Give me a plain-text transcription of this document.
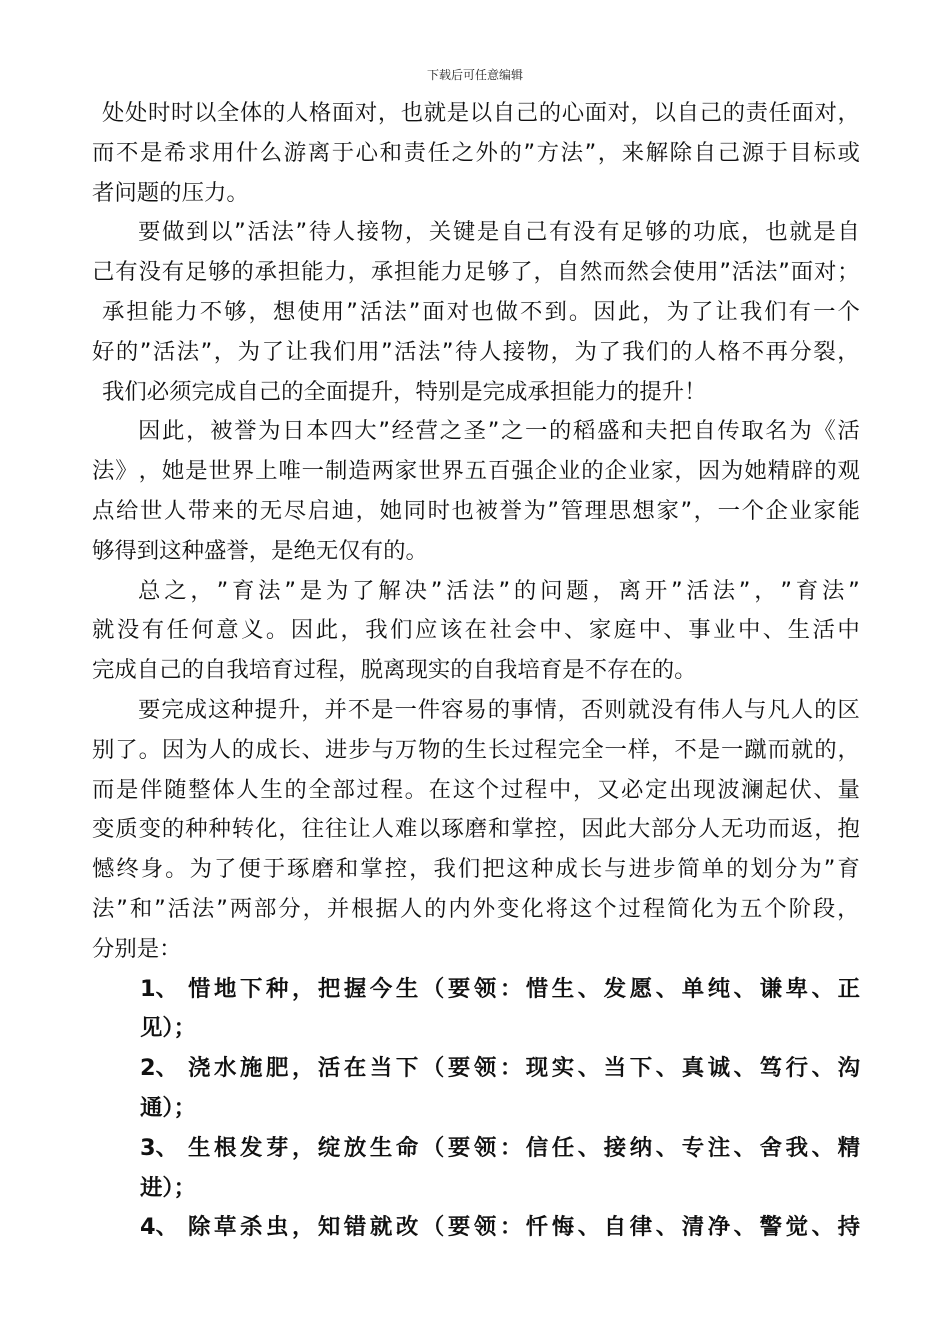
下载后可任意编辑
处 处 时 时 以 全 体 的 人 格 面 对 ， 也 就 是 以 自 己 的 心 面 对 ， 以 自 己 的 责 任 面 对 ，
而 不 是 希 求 用 什 么 游 离 于 心 和 责 任 之 外 的 ” 方 法 ” ， 来 解 除 自 己 源 于 目 标 或
者 问 题 的 压 力 。
要 做 到 以 ” 活 法 ” 待 人 接 物 ， 关 键 是 自 己 有 没 有 足 够 的 功 底 ， 也 就 是 自
己 有 没 有 足 够 的 承 担 能 力 ， 承 担 能 力 足 够 了 ， 自 然 而 然 会 使 用 ” 活 法 ” 面 对 ；
承 担 能 力 不 够 ， 想 使 用 ” 活 法 ” 面 对 也 做 不 到 。 因 此 ， 为 了 让 我 们 有 一 个
好 的 ” 活 法 ” ， 为 了 让 我 们 用 ” 活 法 ” 待 人 接 物 ， 为 了 我 们 的 人 格 不 再 分 裂 ，
我 们 必 须 完 成 自 己 的 全 面 提 升 ， 特 别 是 完 成 承 担 能 力 的 提 升 ！
因 此 ， 被 誉 为 日 本 四 大 ” 经 营 之 圣 ” 之 一 的 稻 盛 和 夫 把 自 传 取 名 为 《 活
法 》 ， 她 是 世 界 上 唯 一 制 造 两 家 世 界 五 百 强 企 业 的 企 业 家 ， 因 为 她 精 辟 的 观
点 给 世 人 带 来 的 无 尽 启 迪 ， 她 同 时 也 被 誉 为 ” 管 理 思 想 家 ” ， 一 个 企 业 家 能
够 得 到 这 种 盛 誉 ， 是 绝 无 仅 有 的 。
总 之 ， ” 育 法 ” 是 为 了 解 决 ” 活 法 ” 的 问 题 ， 离 开 ” 活 法 ” ， ” 育 法 ”
就 没 有 任 何 意 义 。 因 此 ， 我 们 应 该 在 社 会 中 、 家 庭 中 、 事 业 中 、 生 活 中
完 成 自 己 的 自 我 培 育 过 程 ， 脱 离 现 实 的 自 我 培 育 是 不 存 在 的 。
要 完 成 这 种 提 升 ， 并 不 是 一 件 容 易 的 事 情 ， 否 则 就 没 有 伟 人 与 凡 人 的 区
别 了 。 因 为 人 的 成 长 、 进 步 与 万 物 的 生 长 过 程 完 全 一 样 ， 不 是 一 蹴 而 就 的 ，
而 是 伴 随 整 体 人 生 的 全 部 过 程 。 在 这 个 过 程 中 ， 又 必 定 出 现 波 澜 起 伏 、 量
变 质 变 的 种 种 转 化 ， 往 往 让 人 难 以 琢 磨 和 掌 控 ， 因 此 大 部 分 人 无 功 而 返 ， 抱
憾 终 身 。 为 了 便 于 琢 磨 和 掌 控 ， 我 们 把 这 种 成 长 与 进 步 简 单 的 划 分 为 ” 育
法 ” 和 ” 活 法 ” 两 部 分 ， 并 根 据 人 的 内 外 变 化 将 这 个 过 程 简 化 为 五 个 阶 段 ，
分 别 是 ：
1、 惜 地 下 种 ， 把 握 今 生 （ 要 领 ： 惜 生 、 发 愿 、 单 纯 、 谦 卑 、 正
见）；
2、 浇 水 施 肥 ， 活 在 当 下 （ 要 领 ： 现 实 、 当 下 、 真 诚 、 笃 行 、 沟
通）；
3、 生 根 发 芽 ， 绽 放 生 命 （ 要 领 ： 信 任 、 接 纳 、 专 注 、 舍 我 、 精
进）；
4、 除 草 杀 虫 ， 知 错 就 改 （ 要 领 ： 忏 悔 、 自 律 、 清 净 、 警 觉 、 持
